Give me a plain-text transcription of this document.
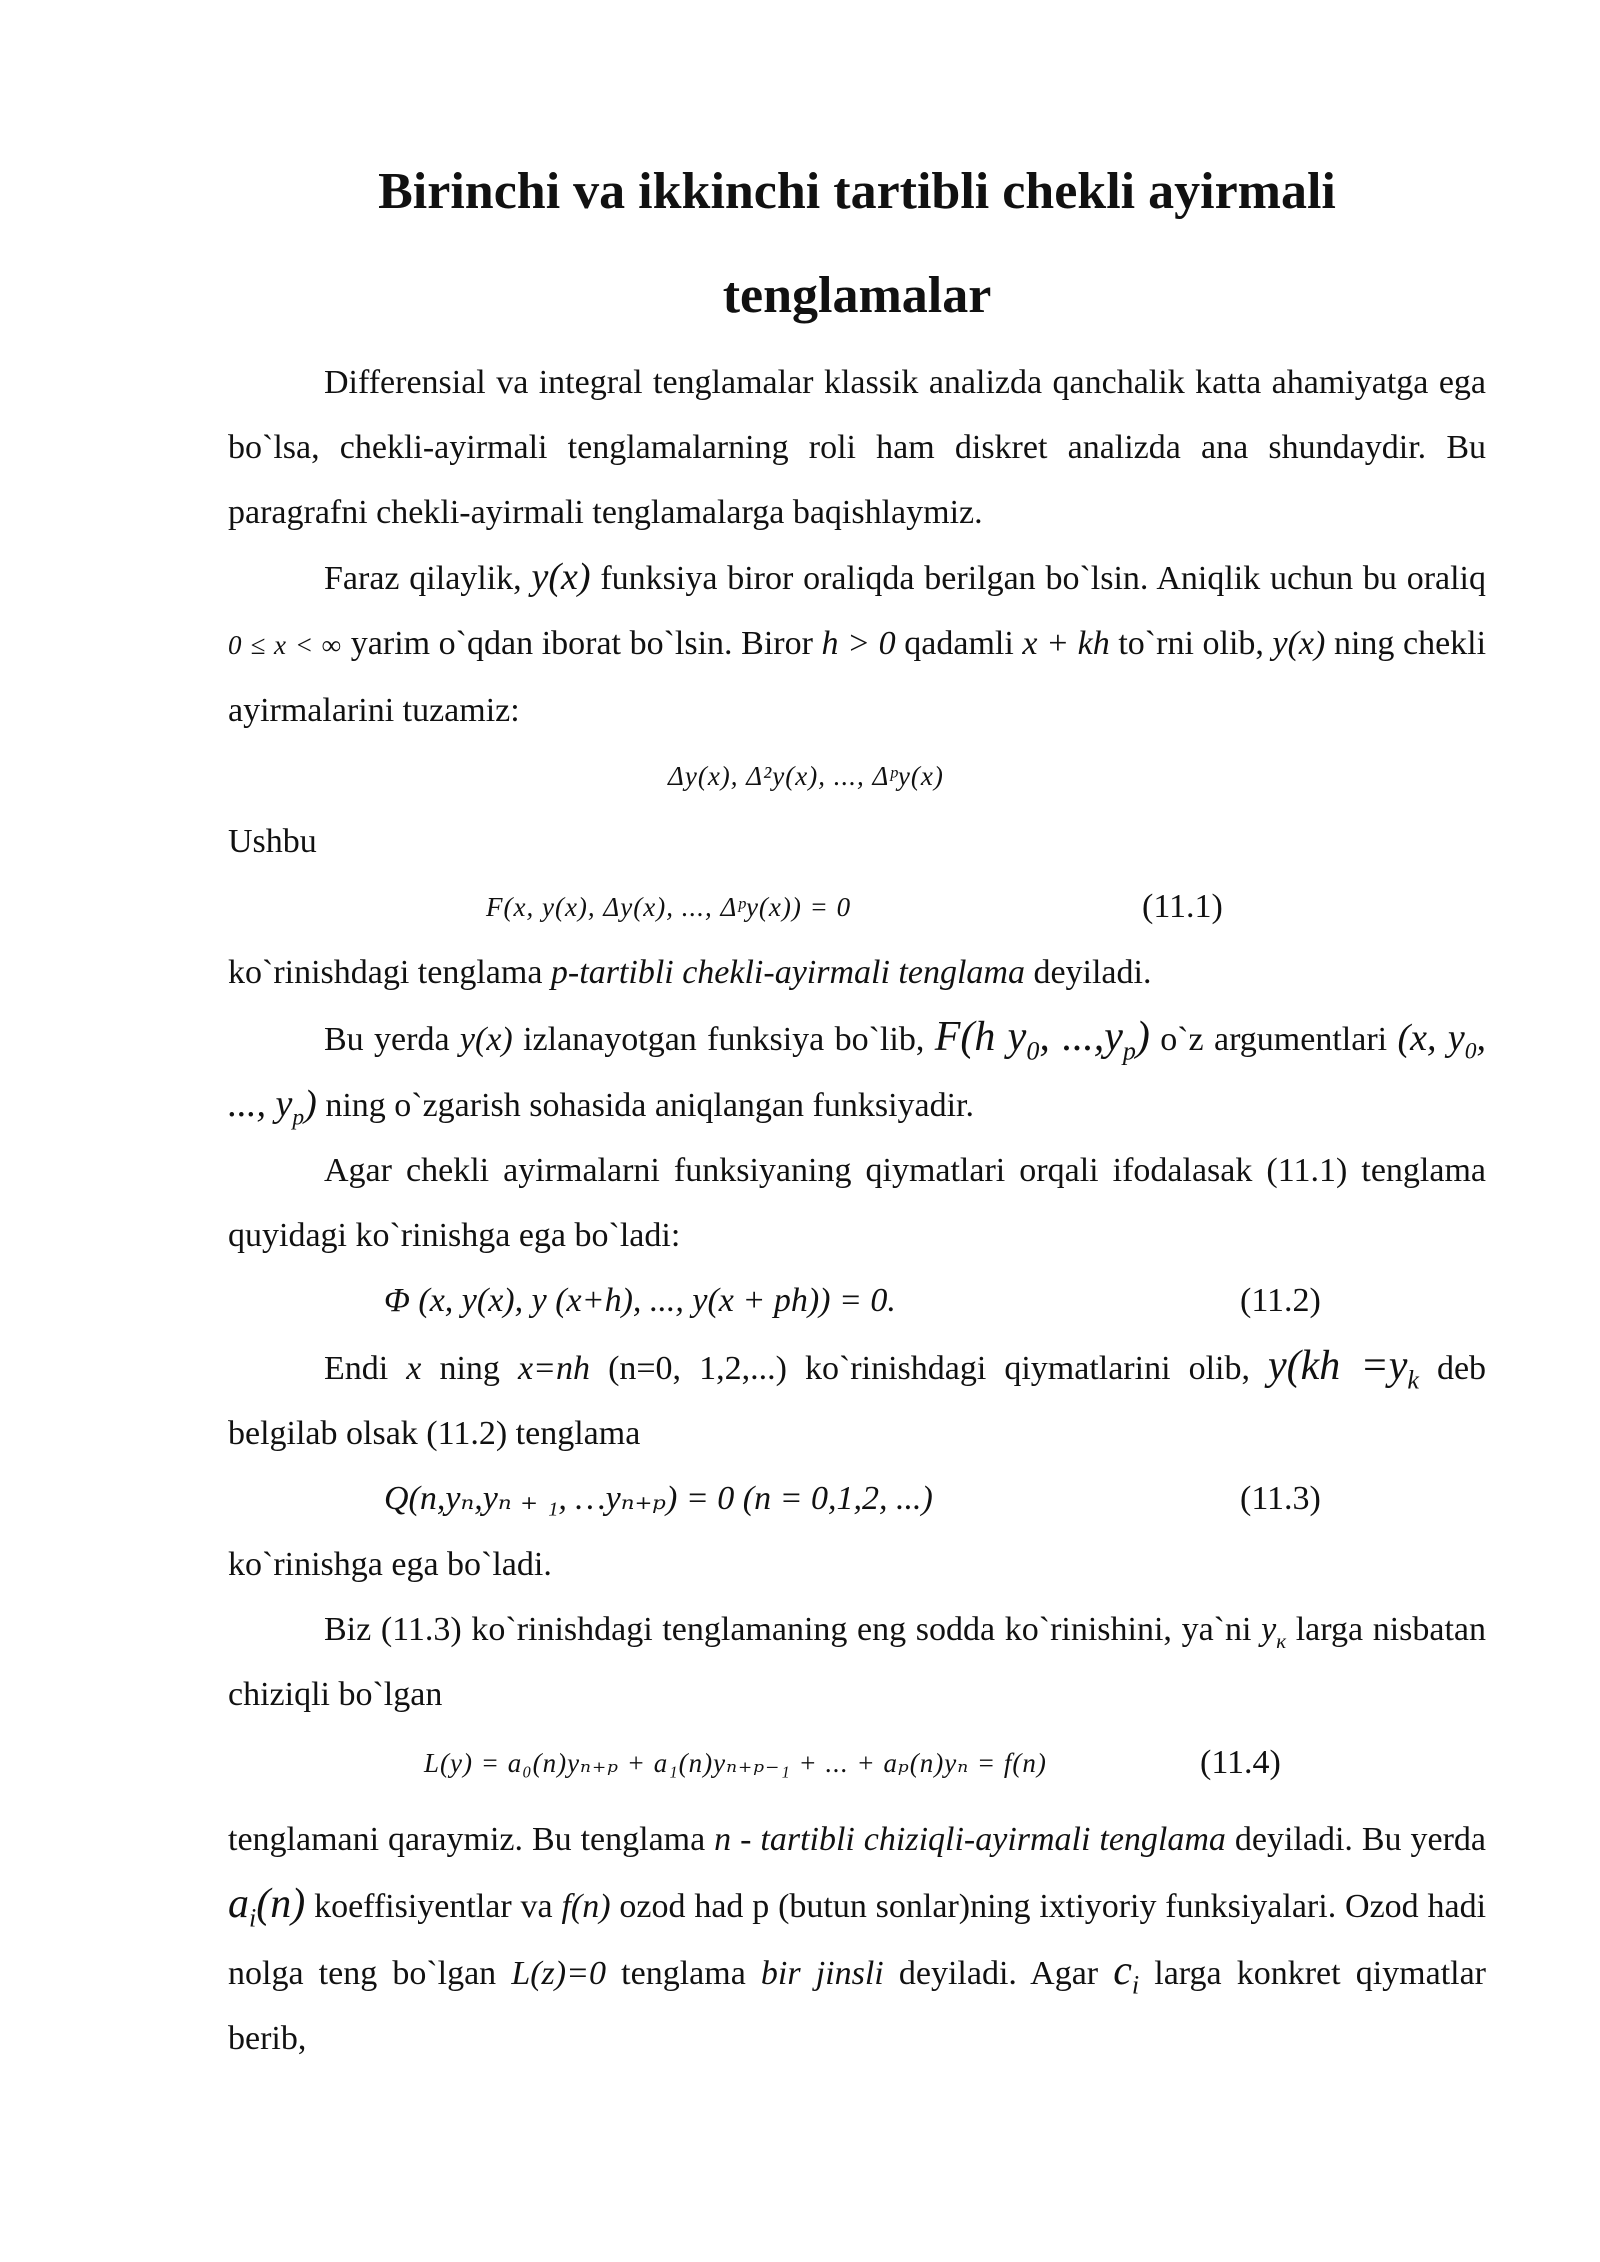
Birinchi va ikkinchi tartibli chekli ayirmali
tenglamalar

Differensial va integral tenglamalar klassik analizda qanchalik katta ahamiyatga ega bo`lsa, chekli-ayirmali tenglamalarning roli ham diskret analizda ana shundaydir. Bu paragrafni chekli-ayirmali tenglamalarga baqishlaymiz.

Faraz qilaylik, y(x) funksiya biror oraliqda berilgan bo`lsin. Aniqlik uchun bu oraliq 0 ≤ x < ∞ yarim o`qdan iborat bo`lsin. Biror h > 0 qadamli x + kh to`rni olib, y(x) ning chekli ayirmalarini tuzamiz:

Δy(x), Δ²y(x), ..., Δᵖy(x)

Ushbu

F(x, y(x), Δy(x), ..., Δᵖy(x)) = 0	(11.1)

ko`rinishdagi tenglama p-tartibli chekli-ayirmali tenglama deyiladi.

Bu yerda y(x) izlanayotgan funksiya bo`lib, F(h $y_0$, $...,y_p$) o`z argumentlari (x, $y_0$, ..., $y_p$) ning o`zgarish sohasida aniqlangan funksiyadir.

Agar chekli ayirmalarni funksiyaning qiymatlari orqali ifodalasak (11.1) tenglama quyidagi ko`rinishga ega bo`ladi:

Φ (x, y(x), y (x+h), ..., y(x + ph)) = 0.	(11.2)

Endi x ning x=nh (n=0, 1,2,...) ko`rinishdagi qiymatlarini olib, $y(kh =y_k$ deb belgilab olsak (11.2) tenglama

Q(n,yₙ,yₙ ₊ ₁, …yₙ₊ₚ) = 0 (n = 0,1,2, ...)	(11.3)

ko`rinishga ega bo`ladi.

Biz (11.3) ko`rinishdagi tenglamaning eng sodda ko`rinishini, ya`ni $y_к$ larga nisbatan chiziqli bo`lgan

L(y) = a₀(n)yₙ₊ₚ + a₁(n)yₙ₊ₚ₋₁ + ... + aₚ(n)yₙ = f(n)	(11.4)

tenglamani qaraymiz. Bu tenglama n - tartibli chiziqli-ayirmali tenglama deyiladi. Bu yerda $a_i(n)$ koeffisiyentlar va f(n) ozod had p (butun sonlar)ning ixtiyoriy funksiyalari. Ozod hadi nolga teng bo`lgan L(z)=0 tenglama bir jinsli deyiladi. Agar $c_i$ larga konkret qiymatlar berib,
